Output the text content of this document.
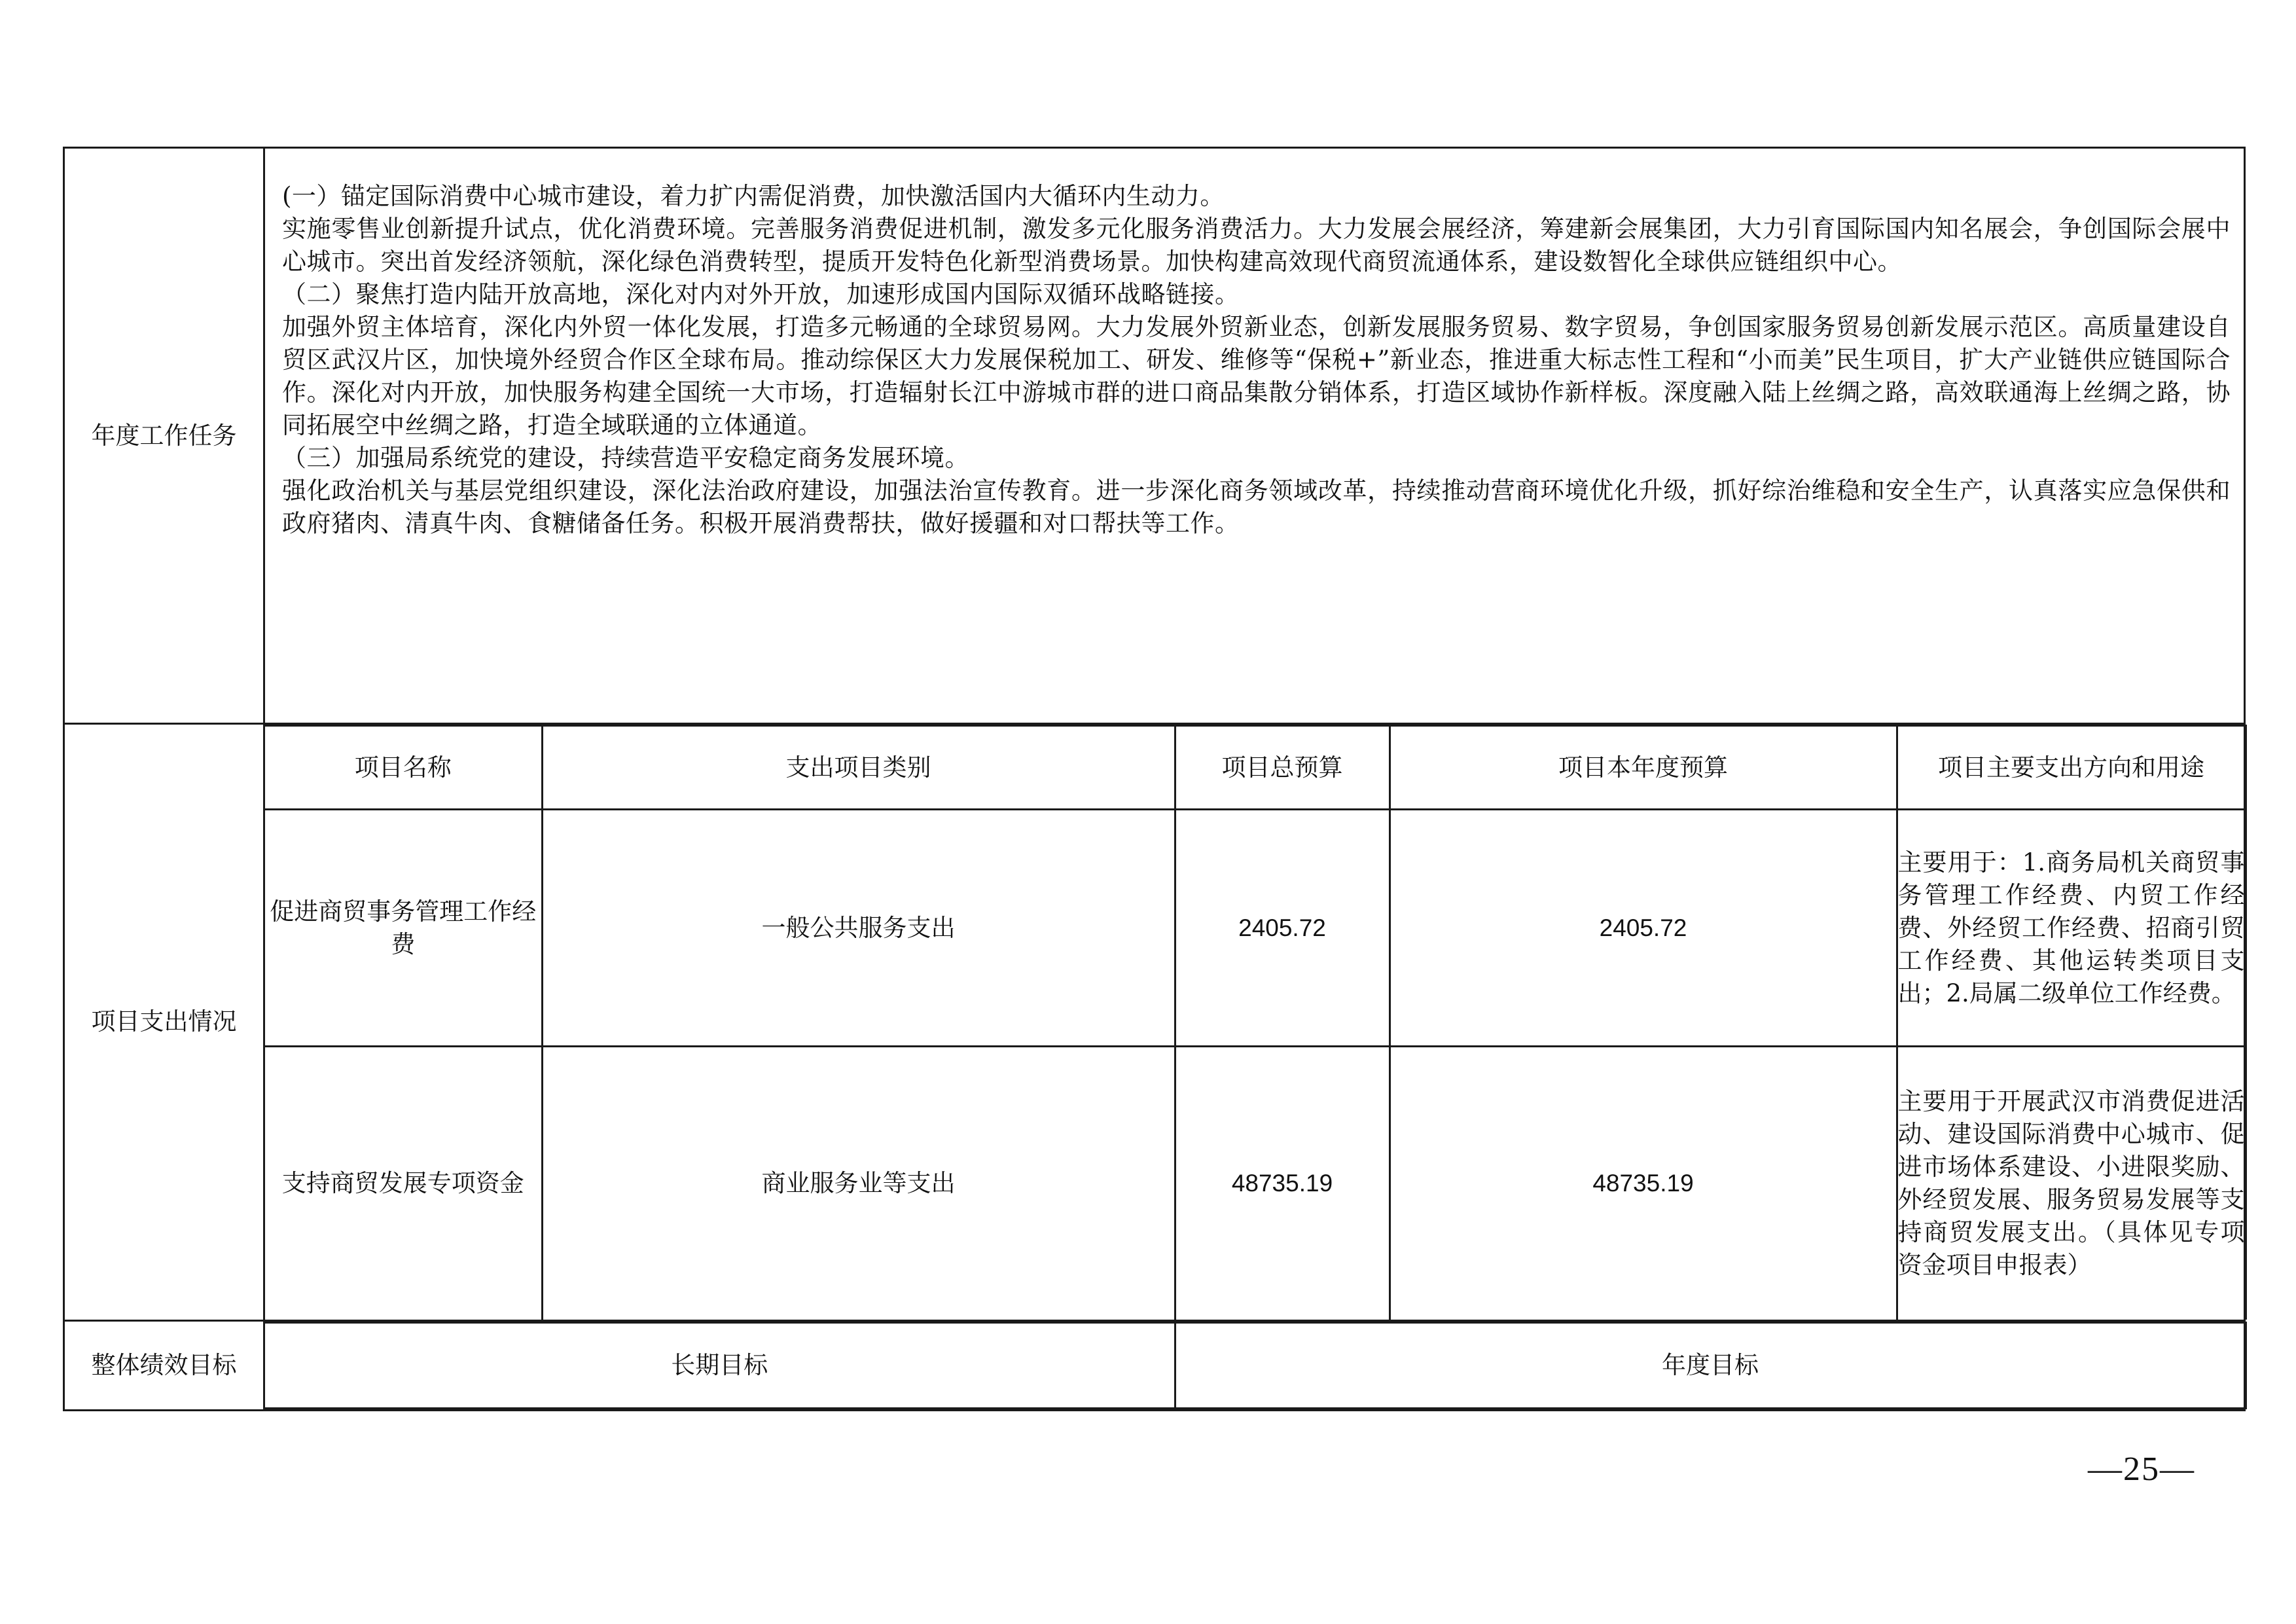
年度工作任务	

(一）锚定国际消费中心城市建设，着力扩内需促消费，加快激活国内大循环内生动力。

实施零售业创新提升试点，优化消费环境。完善服务消费促进机制，激发多元化服务消费活力。大力发展会展经济，筹建新会展集团，大力引育国际国内知名展会，争创国际会展中心城市。突出首发经济领航，深化绿色消费转型，提质开发特色化新型消费场景。加快构建高效现代商贸流通体系，建设数智化全球供应链组织中心。

（二）聚焦打造内陆开放高地，深化对内对外开放，加速形成国内国际双循环战略链接。

加强外贸主体培育，深化内外贸一体化发展，打造多元畅通的全球贸易网。大力发展外贸新业态，创新发展服务贸易、数字贸易，争创国家服务贸易创新发展示范区。高质量建设自贸区武汉片区，加快境外经贸合作区全球布局。推动综保区大力发展保税加工、研发、维修等“保税+”新业态，推进重大标志性工程和“小而美”民生项目，扩大产业链供应链国际合作。深化对内开放，加快服务构建全国统一大市场，打造辐射长江中游城市群的进口商品集散分销体系，打造区域协作新样板。深度融入陆上丝绸之路，高效联通海上丝绸之路，协同拓展空中丝绸之路，打造全域联通的立体通道。

（三）加强局系统党的建设，持续营造平安稳定商务发展环境。

强化政治机关与基层党组织建设，深化法治政府建设，加强法治宣传教育。进一步深化商务领域改革，持续推动营商环境优化升级，抓好综治维稳和安全生产，认真落实应急保供和政府猪肉、清真牛肉、食糖储备任务。积极开展消费帮扶，做好援疆和对口帮扶等工作。

项目支出情况	
项目名称	支出项目类别	项目总预算	项目本年度预算	项目主要支出方向和用途
促进商贸事务管理工作经费	一般公共服务支出	2405.72	2405.72	主要用于：1.商务局机关商贸事务管理工作经费、内贸工作经费、外经贸工作经费、招商引贸工作经费、其他运转类项目支出；2.局属二级单位工作经费。
支持商贸发展专项资金	商业服务业等支出	48735.19	48735.19	主要用于开展武汉市消费促进活动、建设国际消费中心城市、促进市场体系建设、小进限奖励、外经贸发展、服务贸易发展等支持商贸发展支出。（具体见专项资金项目申报表）

整体绩效目标		长期目标	年度目标
—25—
